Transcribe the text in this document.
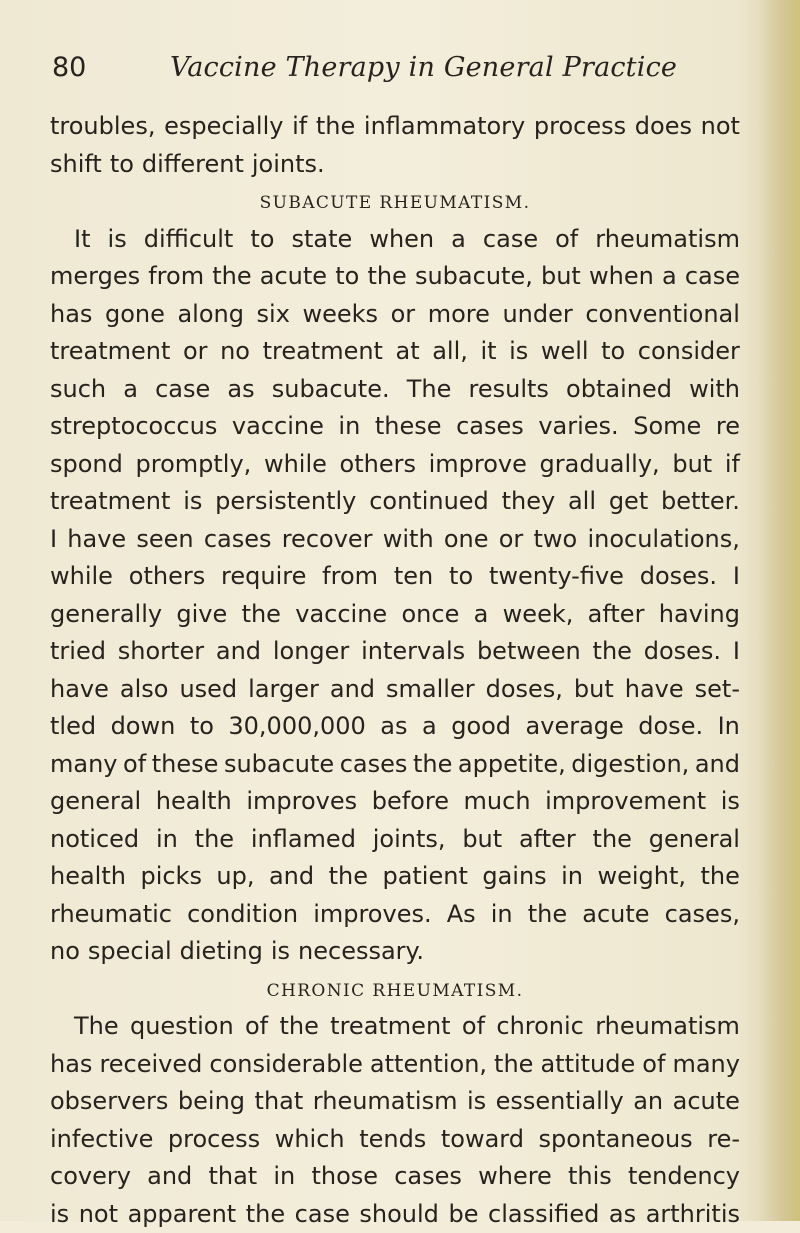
80	Vaccine Therapy in General Practice
troubles, especially if the inflammatory process does not
shift to different joints.
SUBACUTE RHEUMATISM.
It is difficult to state when a case of rheumatism
merges from the acute to the subacute, but when a case
has gone along six weeks or more under conventional
treatment or no treatment at all, it is well to consider
such a case as subacute. The results obtained with
streptococcus vaccine in these cases varies. Some re
spond promptly, while others improve gradually, but if
treatment is persistently continued they all get better.
I have seen cases recover with one or two inoculations,
while others require from ten to twenty-five doses. I
generally give the vaccine once a week, after having
tried shorter and longer intervals between the doses. I
have also used larger and smaller doses, but have set-
tled down to 30,000,000 as a good average dose. In
many of these subacute cases the appetite, digestion, and
general health improves before much improvement is
noticed in the inflamed joints, but after the general
health picks up, and the patient gains in weight, the
rheumatic condition improves. As in the acute cases,
no special dieting is necessary.
CHRONIC RHEUMATISM.
The question of the treatment of chronic rheumatism
has received considerable attention, the attitude of many
observers being that rheumatism is essentially an acute
infective process which tends toward spontaneous re-
covery and that in those cases where this tendency
is not apparent the case should be classified as arthritis
